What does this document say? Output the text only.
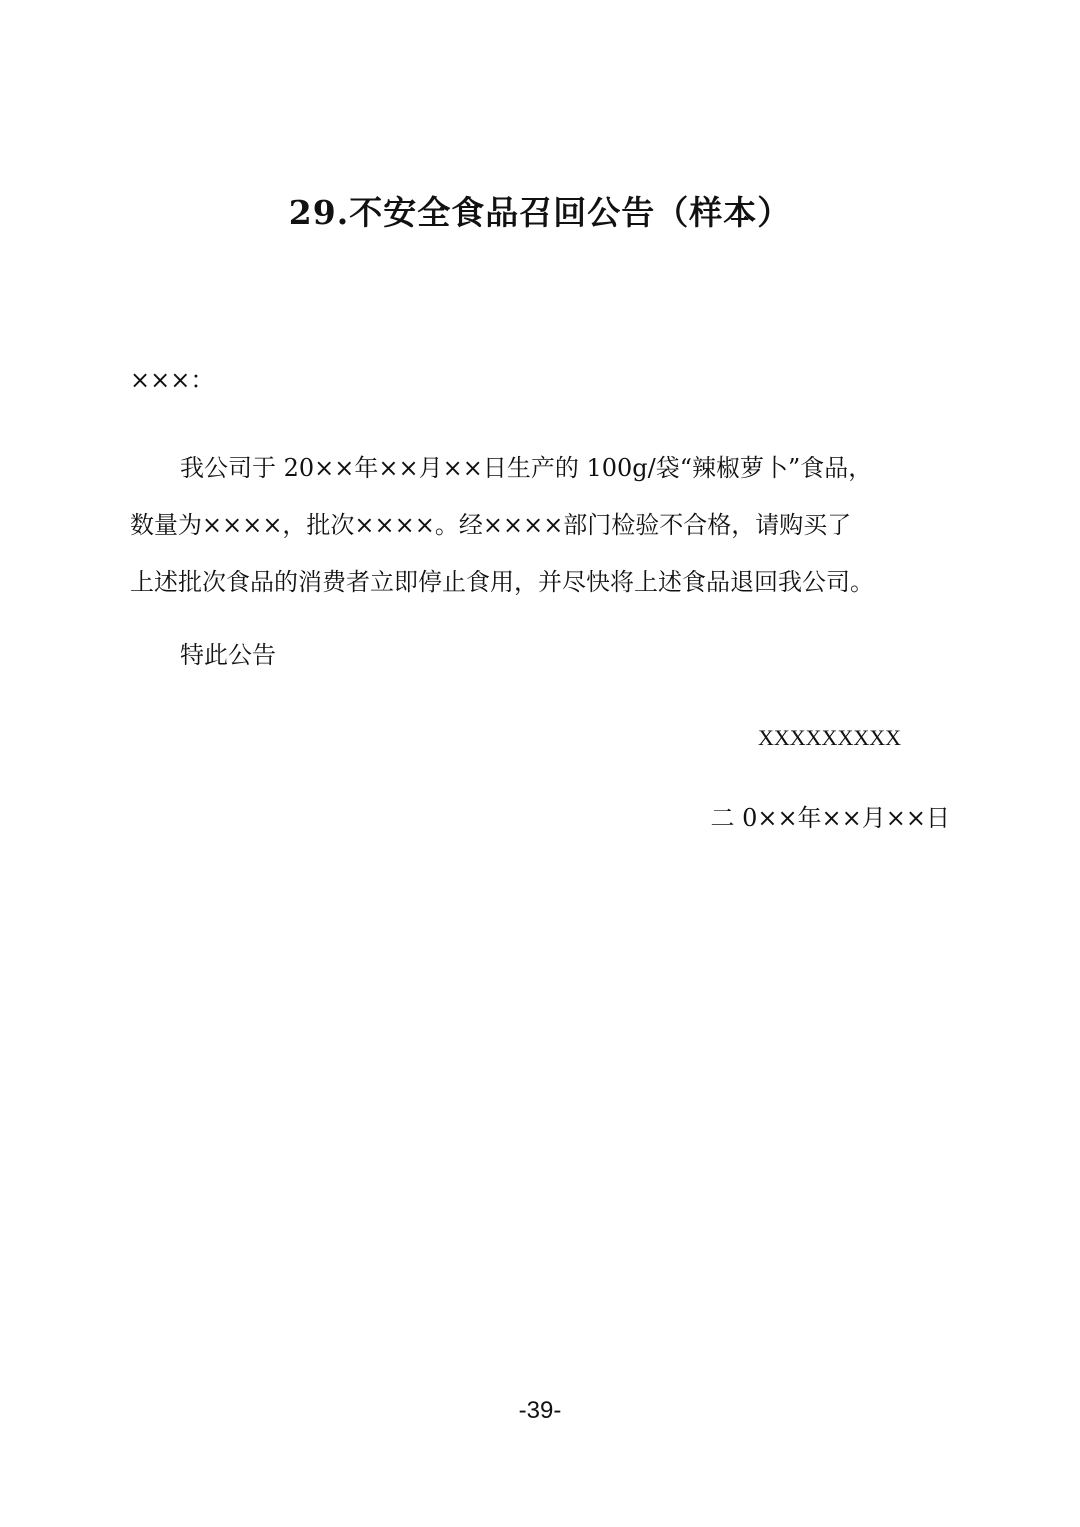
29.不安全食品召回公告（样本）
×××：
我公司于 20××年××月××日生产的 100g/袋“辣椒萝卜”食品，
数量为××××，批次××××。经××××部门检验不合格，请购买了
上述批次食品的消费者立即停止食用，并尽快将上述食品退回我公司。
特此公告
XXXXXXXXX
二 0××年××月××日
-39-
